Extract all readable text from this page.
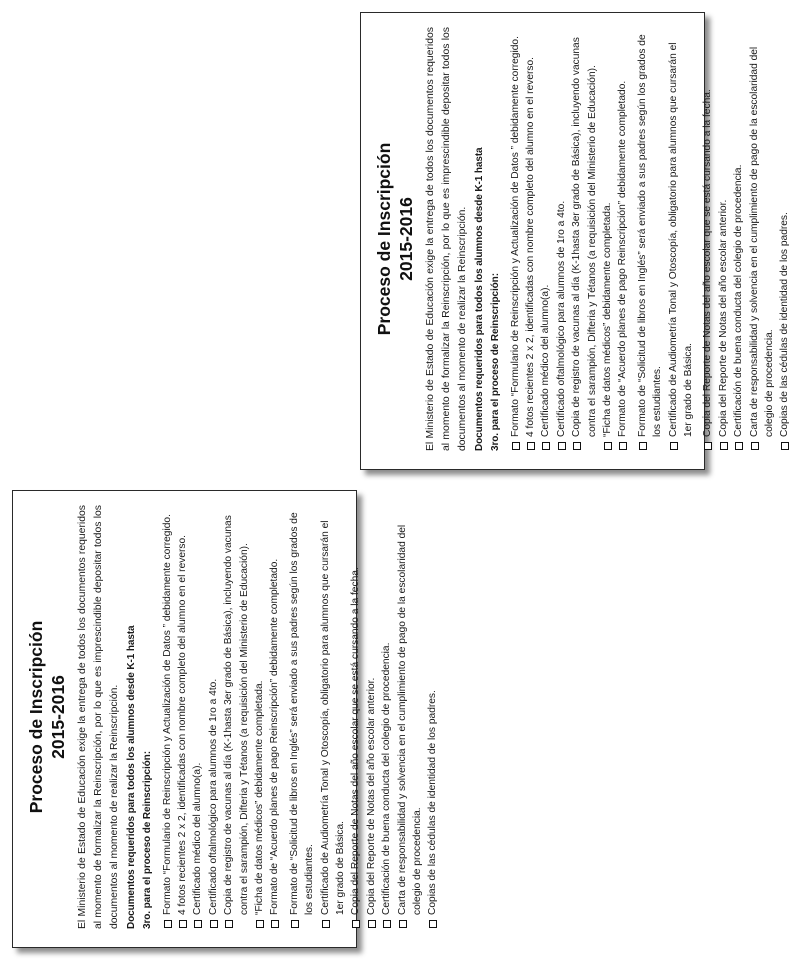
Proceso de Inscripción 2015-2016 El Ministerio de Estado de Educación exige la entrega de todos los documentos requeridos al momento de formalizar la Reinscripción, por lo que es imprescindible depositar todos los documentos al momento de realizar la Reinscripción. Documentos requeridos para todos los alumnos desde K-1 hasta 3ro. para el proceso de Reinscripción: Formato “Formulario de Reinscripción y Actualización de Datos ” debidamente corregido. 4 fotos recientes 2 x 2, identificadas con nombre completo del alumno en el reverso. Certificado médico del alumno(a). Certificado oftalmológico para alumnos de 1ro a 4to. Copia de registro de vacunas al día (K-1hasta 3er grado de Básica), incluyendo vacunas contra el sarampión, Difteria y Tétanos (a requisición del Ministerio de Educación). “Ficha de datos médicos” debidamente completada. Formato de “Acuerdo planes de pago Reinscripción” debidamente completado. Formato de “Solicitud de libros en Inglés” será enviado a sus padres según los grados de los estudiantes. Certificado de Audiometría Tonal y Otoscopía, obligatorio para alumnos que cursarán el 1er grado de Básica. Copia del Reporte de Notas del año escolar que se está cursando a la fecha. Copia del Reporte de Notas del año escolar anterior. Certificación de buena conducta del colegio de procedencia. Carta de responsabilidad y solvencia en el cumplimiento de pago de la escolaridad del colegio de procedencia. Copias de las cédulas de identidad de los padres.
Proceso de Inscripción 2015-2016 El Ministerio de Estado de Educación exige la entrega de todos los documentos requeridos al momento de formalizar la Reinscripción, por lo que es imprescindible depositar todos los documentos al momento de realizar la Reinscripción. Documentos requeridos para todos los alumnos desde K-1 hasta 3ro. para el proceso de Reinscripción: Formato “Formulario de Reinscripción y Actualización de Datos ” debidamente corregido. 4 fotos recientes 2 x 2, identificadas con nombre completo del alumno en el reverso. Certificado médico del alumno(a). Certificado oftalmológico para alumnos de 1ro a 4to. Copia de registro de vacunas al día (K-1hasta 3er grado de Básica), incluyendo vacunas contra el sarampión, Difteria y Tétanos (a requisición del Ministerio de Educación). “Ficha de datos médicos” debidamente completada. Formato de “Acuerdo planes de pago Reinscripción” debidamente completado. Formato de “Solicitud de libros en Inglés” será enviado a sus padres según los grados de los estudiantes. Certificado de Audiometría Tonal y Otoscopía, obligatorio para alumnos que cursarán el 1er grado de Básica. Copia del Reporte de Notas del año escolar que se está cursando a la fecha. Copia del Reporte de Notas del año escolar anterior. Certificación de buena conducta del colegio de procedencia. Carta de responsabilidad y solvencia en el cumplimiento de pago de la escolaridad del colegio de procedencia. Copias de las cédulas de identidad de los padres.
